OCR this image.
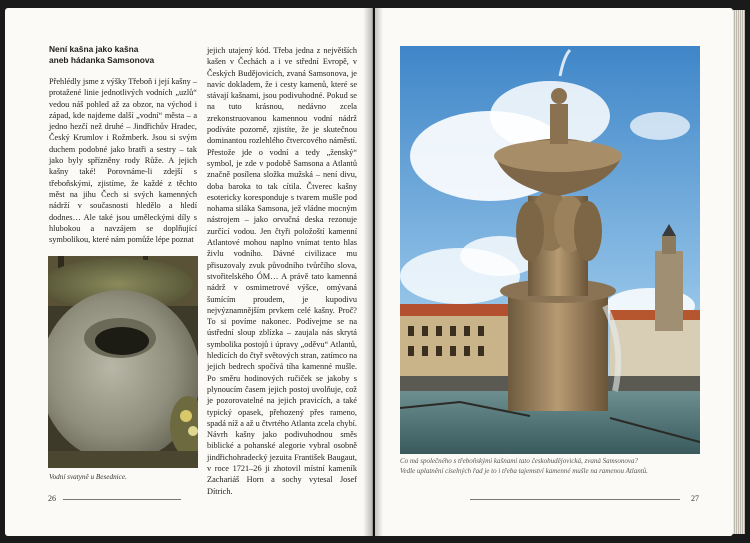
Není kašna jako kašna
aneb hádanka Samsonova

Přehlédly jsme z výšky Třeboň i její kašny – protažené linie jednotlivých vodních „uzlů“ vedou náš pohled až za obzor, na východ i západ, kde najdeme další „vodní“ města – a jedno hezčí než druhé – Jindřichův Hradec, Český Krumlov i Rožmberk. Jsou si svým duchem podobné jako bratři a sestry – tak jako byly spřízněny rody Růže. A jejich kašny také! Porovnáme-li zdejší s třeboňskými, zjistíme, že každé z těchto měst na jihu Čech si svých kamenných nádrží v současnosti hledělo a hledí dodnes… Ale také jsou uměleckými díly s hlubokou a navzájem se doplňující symbolikou, které nám pomůže lépe poznat

jejich utajený kód. Třeba jedna z největších kašen v Čechách a i ve střední Evropě, v Českých Budějovicích, zvaná Samsonova, je navíc dokladem, že i cesty kamenů, které se stávají kašnami, jsou podivuhodné. Pokud se na tuto krásnou, nedávno zcela zrekonstruovanou kamennou vodní nádrž podíváte pozorně, zjistíte, že je skutečnou dominantou rozlehlého čtvercového náměstí. Přestože jde o vodní a tedy „ženský“ symbol, je zde v podobě Samsona a Atlantů značně posílena složka mužská – není divu, doba baroka to tak cítila. Čtverec kašny esotericky koresponduje s tvarem mušle pod nohama siláka Samsona, jež vládne mocným nástrojem – jako orvučná deska rezonuje zurčící vodou. Jen čtyři položoští kamenní Atlantové mohou naplno vnímat tento hlas živlu vodního. Dávné civilizace mu přisuzovaly zvuk původního tvůrčího slova, stvořitelského ÓM… A právě tato kamenná nádrž v osmimetrové výšce, omývaná šumícím proudem, je kupodivu nejvýznamnějším prvkem celé kašny. Proč? To si povíme nakonec. Podívejme se na ústřední sloup zblízka – zaujala nás skrytá symbolika postojů i úpravy „oděvu“ Atlantů, hledících do čtyř světových stran, zatímco na jejich bedrech spočívá tíha kamenné mušle. Po směru hodinových ručiček se jakoby s plynoucím časem jejich postoj uvolňuje, což je pozorovatelné na jejich pravicích, a také typický opasek, přehozený přes rameno, spadá níž a až u čtvrtého Atlanta zcela chybí. Návrh kašny jako podivuhodnou směs biblické a pohanské alegorie vybral osobně jindřichohradecký jezuita František Baugaut, v roce 1721–26 ji zhotovil místní kameník Zachariáš Horn a sochy vytesal Josef Dítrich.

Vodní svatyně u Besednice.
26
Co má společného s třeboňskými kašnami tato českobudějovická, zvaná Samsonova?
Vedle uplatnění císelných řad je to i třeba tajemství kamenné mušle na ramenou Atlantů.
27
